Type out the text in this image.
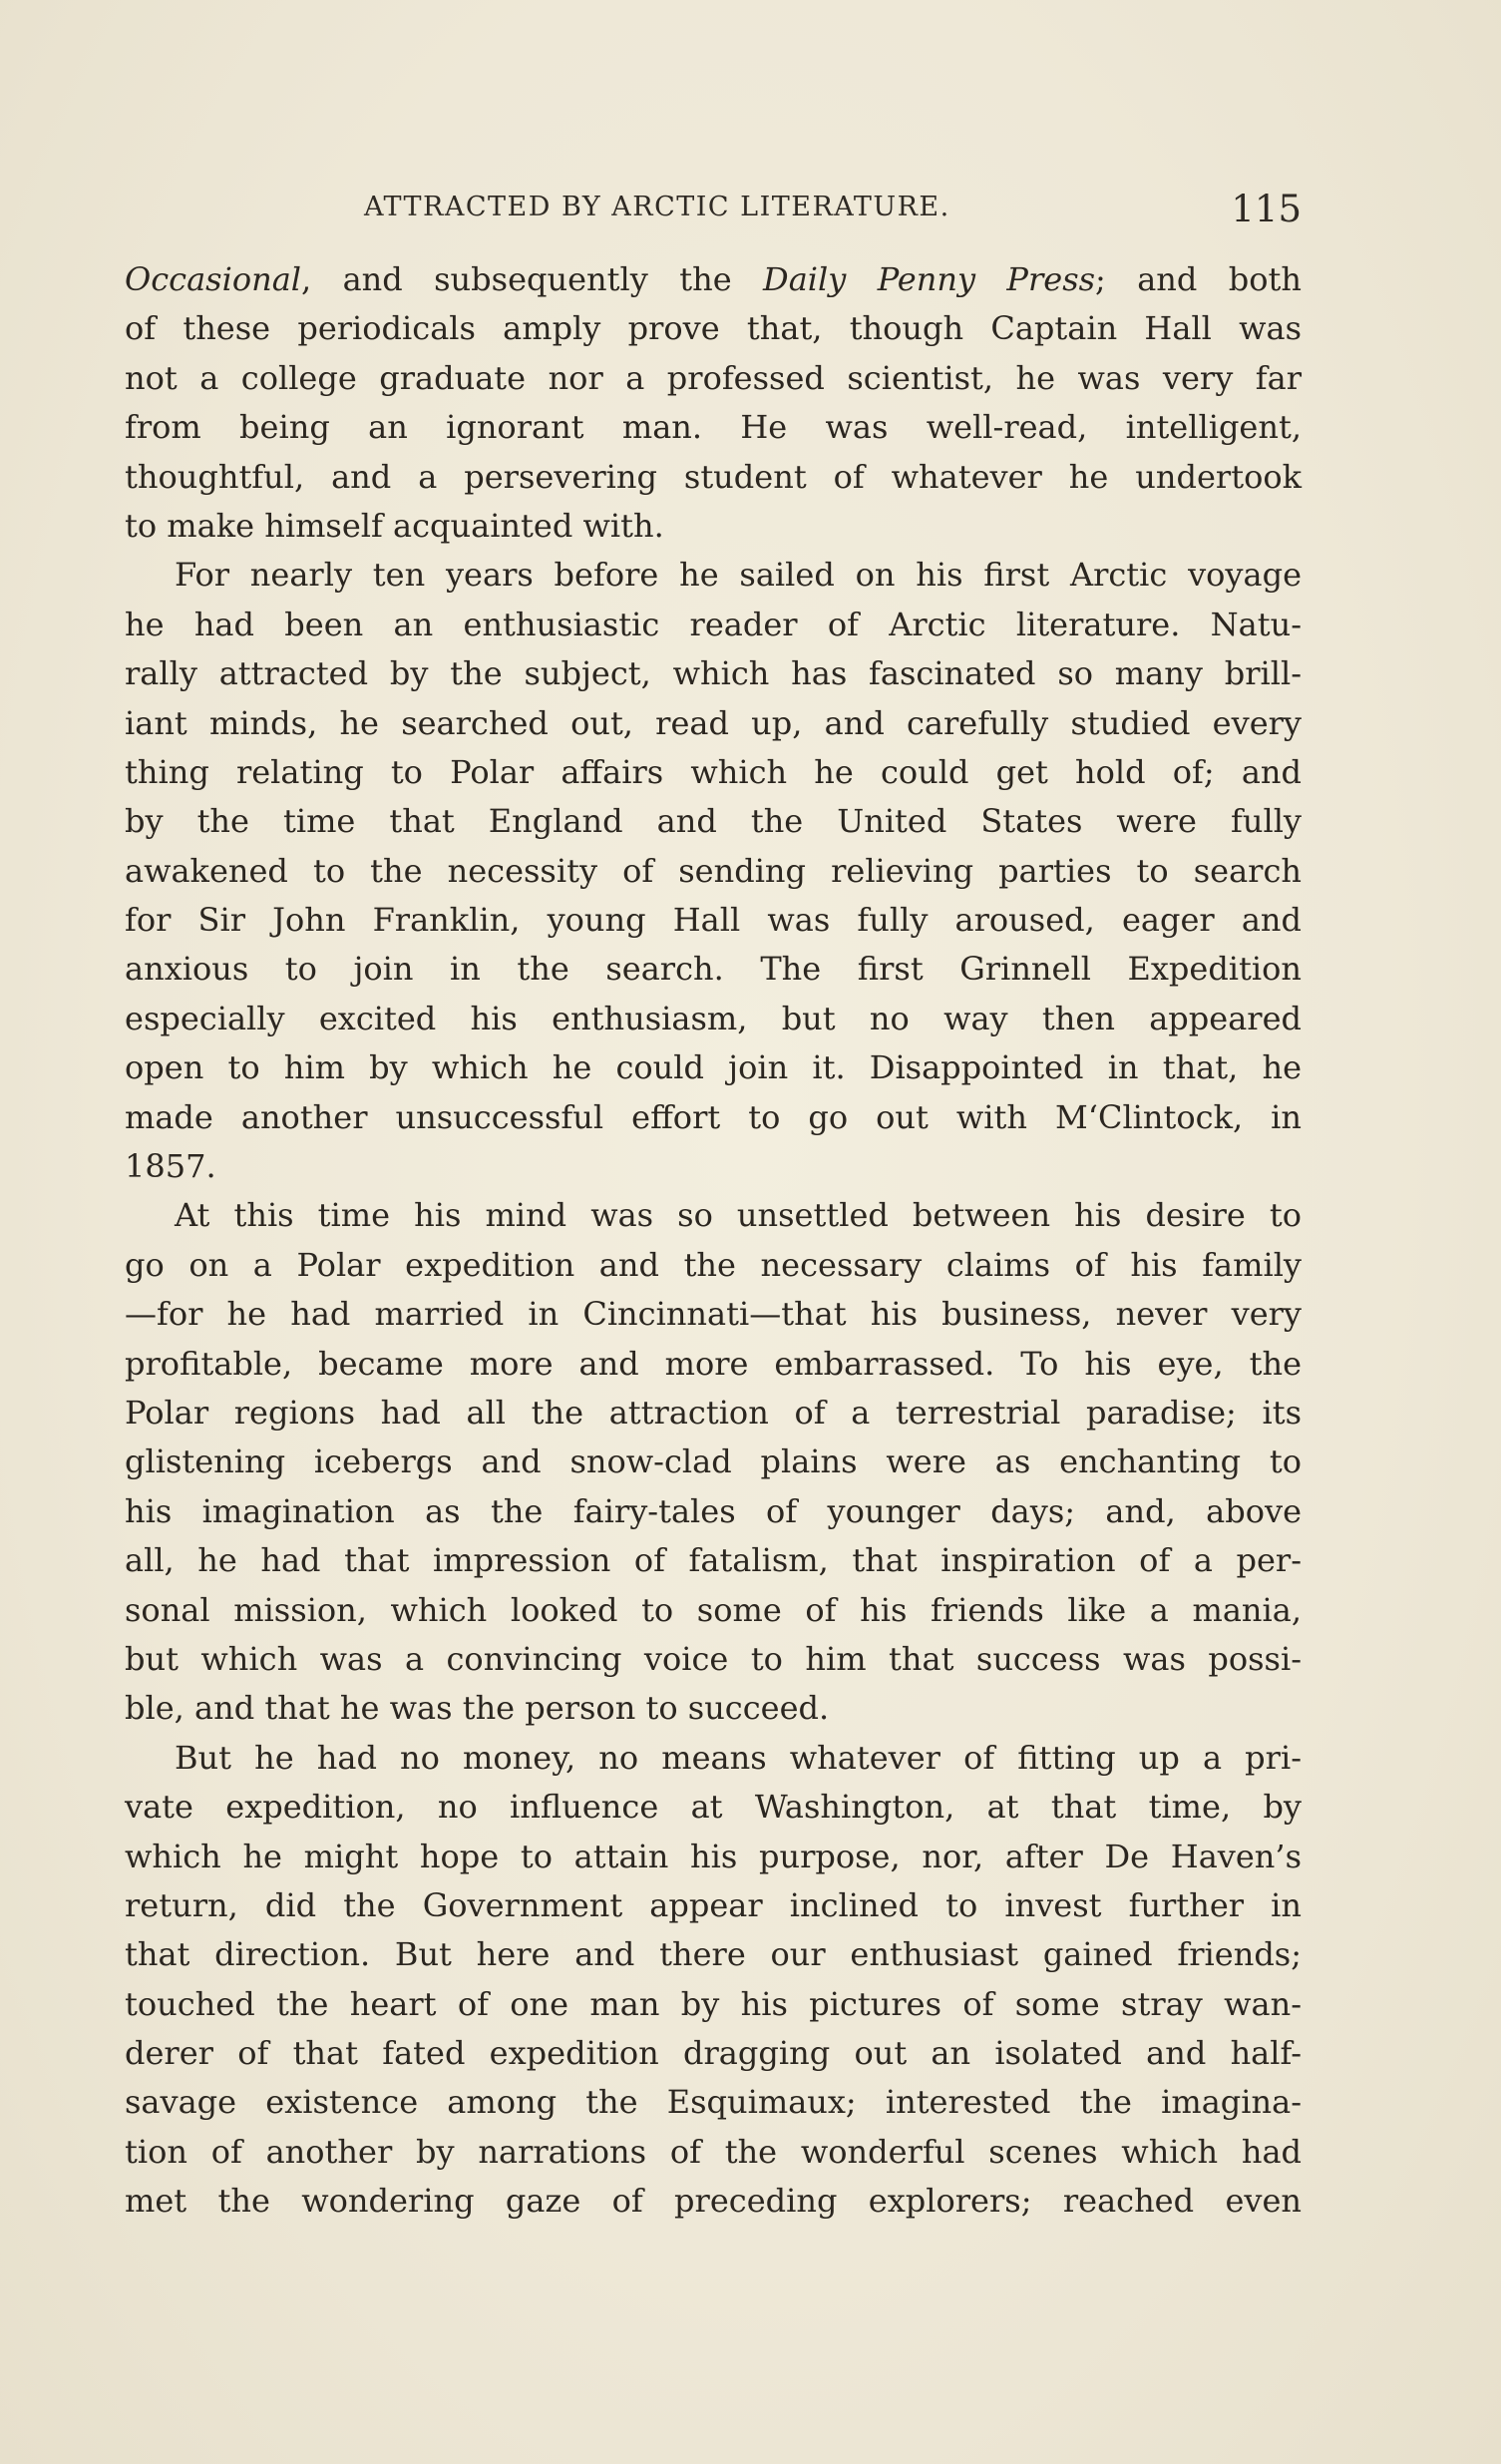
ATTRACTED BY ARCTIC LITERATURE.	115
Occasional, and subsequently the Daily Penny Press; and both
of these periodicals amply prove that, though Captain Hall was
not a college graduate nor a professed scientist, he was very far
from being an ignorant man. He was well-read, intelligent,
thoughtful, and a persevering student of whatever he undertook
to make himself acquainted with.
For nearly ten years before he sailed on his first Arctic voyage
he had been an enthusiastic reader of Arctic literature. Natu-
rally attracted by the subject, which has fascinated so many brill-
iant minds, he searched out, read up, and carefully studied every
thing relating to Polar affairs which he could get hold of; and
by the time that England and the United States were fully
awakened to the necessity of sending relieving parties to search
for Sir John Franklin, young Hall was fully aroused, eager and
anxious to join in the search. The first Grinnell Expedition
especially excited his enthusiasm, but no way then appeared
open to him by which he could join it. Disappointed in that, he
made another unsuccessful effort to go out with M‘Clintock, in
1857.
At this time his mind was so unsettled between his desire to
go on a Polar expedition and the necessary claims of his family
—for he had married in Cincinnati—that his business, never very
profitable, became more and more embarrassed. To his eye, the
Polar regions had all the attraction of a terrestrial paradise; its
glistening icebergs and snow-clad plains were as enchanting to
his imagination as the fairy-tales of younger days; and, above
all, he had that impression of fatalism, that inspiration of a per-
sonal mission, which looked to some of his friends like a mania,
but which was a convincing voice to him that success was possi-
ble, and that he was the person to succeed.
But he had no money, no means whatever of fitting up a pri-
vate expedition, no influence at Washington, at that time, by
which he might hope to attain his purpose, nor, after De Haven’s
return, did the Government appear inclined to invest further in
that direction. But here and there our enthusiast gained friends;
touched the heart of one man by his pictures of some stray wan-
derer of that fated expedition dragging out an isolated and half-
savage existence among the Esquimaux; interested the imagina-
tion of another by narrations of the wonderful scenes which had
met the wondering gaze of preceding explorers; reached even
